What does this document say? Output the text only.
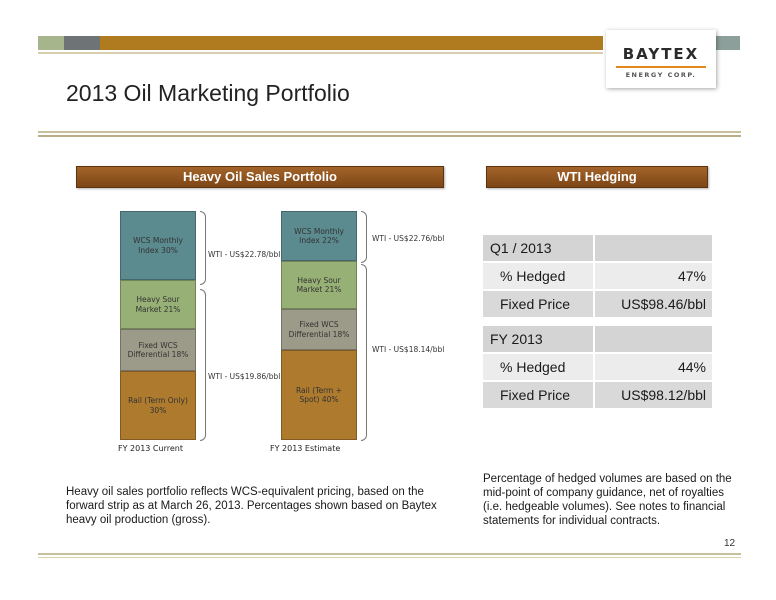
BAYTEX
ENERGY CORP.
2013 Oil Marketing Portfolio
Heavy Oil Sales Portfolio	WTI Hedging
WCS Monthly Index 30%
Heavy Sour Market 21%
Fixed WCS Differential 18%
Rail (Term Only) 30%
FY 2013 Current
WCS Monthly Index 22%
Heavy Sour Market 21%
Fixed WCS Differential 18%
Rail (Term + Spot) 40%
FY 2013 Estimate
WTI - US$22.78/bbl
WTI - US$19.86/bbl
WTI - US$22.76/bbl
WTI - US$18.14/bbl
Q1 / 2013
% Hedged	47%
Fixed Price	US$98.46/bbl
FY 2013
% Hedged	44%
Fixed Price	US$98.12/bbl
Heavy oil sales portfolio reflects WCS-equivalent pricing, based on the forward strip as at March 26, 2013. Percentages shown based on Baytex heavy oil production (gross).
Percentage of hedged volumes are based on the mid-point of company guidance, net of royalties (i.e. hedgeable volumes). See notes to financial statements for individual contracts.
12
